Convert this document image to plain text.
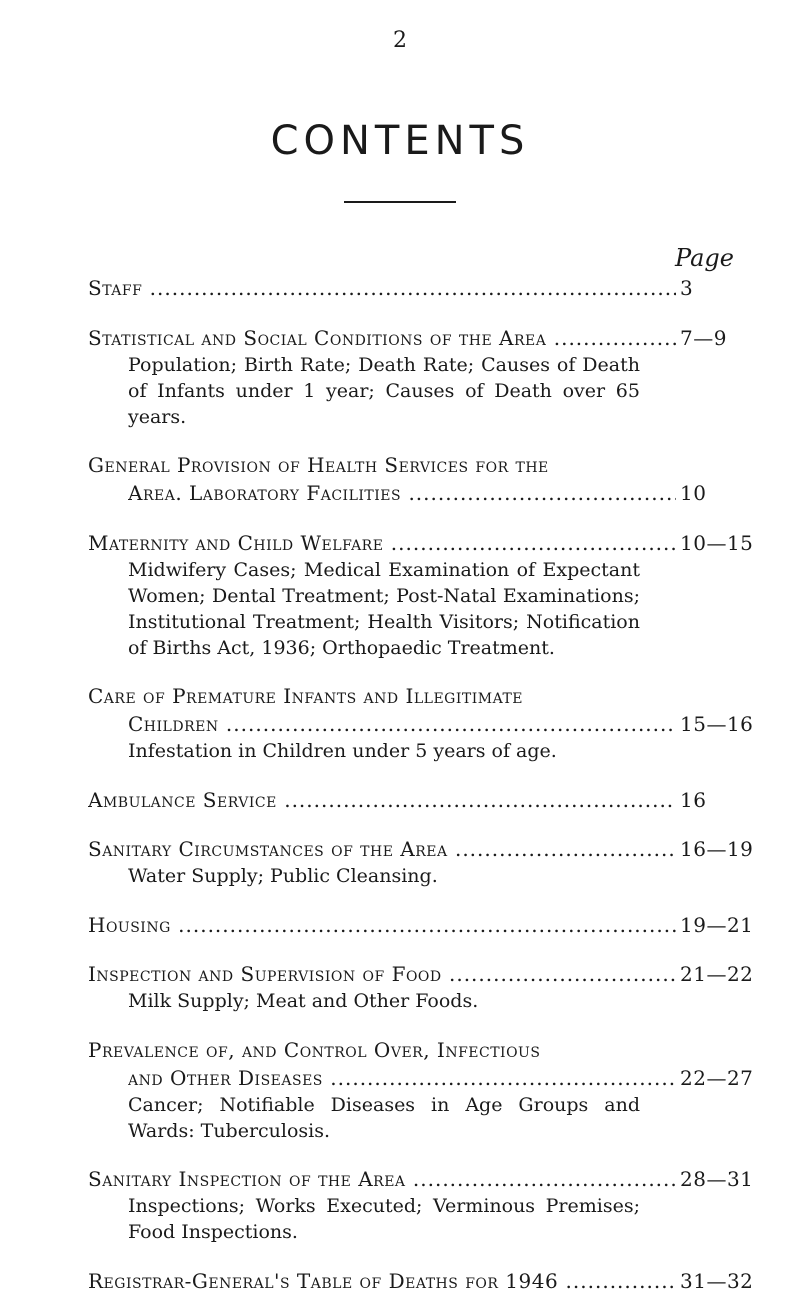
2
CONTENTS
Page
Staff .....	3
Statistical and Social Conditions of the Area .....	7—9
Population; Birth Rate; Death Rate; Causes of Death of Infants under 1 year; Causes of Death over 65 years.
General Provision of Health Services for the
Area. Laboratory Facilities .....	10
Maternity and Child Welfare .....	10—15
Midwifery Cases; Medical Examination of Expectant Women; Dental Treatment; Post-Natal Examinations; Institutional Treatment; Health Visitors; Notification of Births Act, 1936; Orthopaedic Treatment.
Care of Premature Infants and Illegitimate
Children .....	15—16
Infestation in Children under 5 years of age.
Ambulance Service .....	16
Sanitary Circumstances of the Area .....	16—19
Water Supply; Public Cleansing.
Housing .....	19—21
Inspection and Supervision of Food .....	21—22
Milk Supply; Meat and Other Foods.
Prevalence of, and Control Over, Infectious
and Other Diseases .....	22—27
Cancer; Notifiable Diseases in Age Groups and Wards: Tuberculosis.
Sanitary Inspection of the Area .....	28—31
Inspections; Works Executed; Verminous Premises; Food Inspections.
Registrar-General's Table of Deaths for 1946 .....	31—32
